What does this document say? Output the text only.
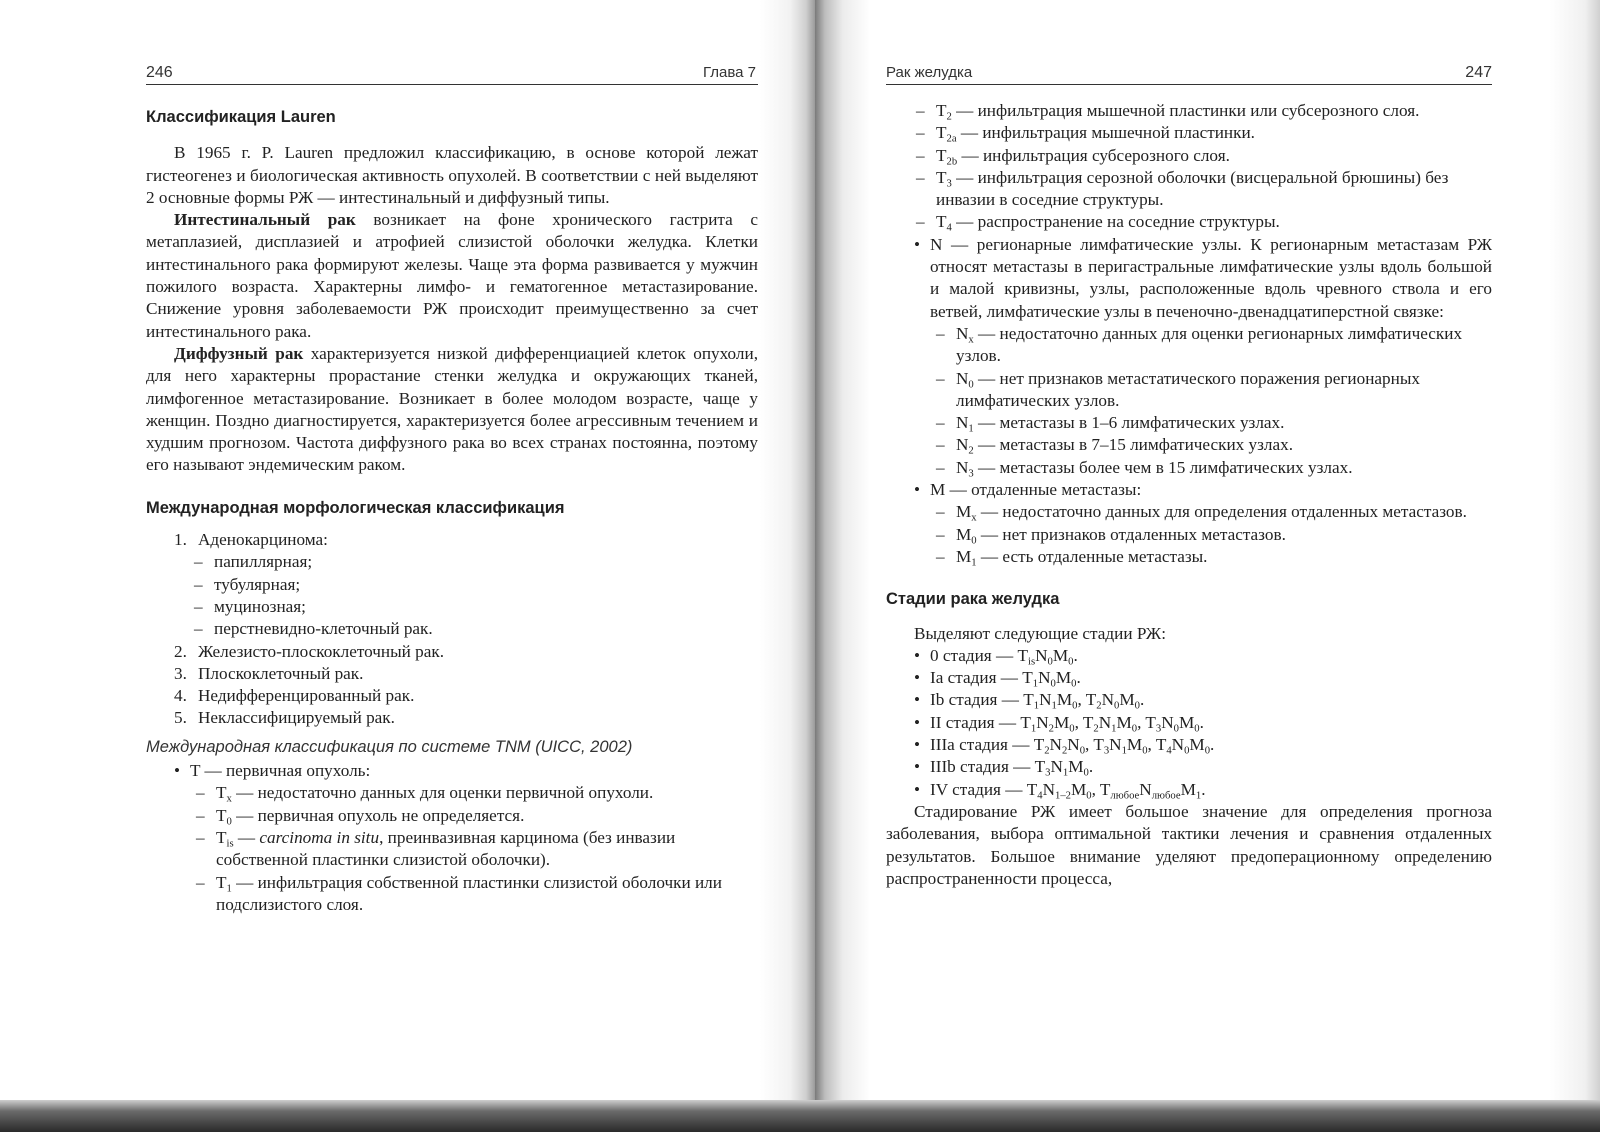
246	Глава 7
Классификация Lauren

В 1965 г. P. Lauren предложил классификацию, в основе которой лежат гистеогенез и биологическая активность опухолей. В соответствии с ней выделяют 2 основные формы РЖ — интестинальный и диффузный типы.

Интестинальный рак возникает на фоне хронического гастрита с метаплазией, дисплазией и атрофией слизистой оболочки желудка. Клетки интестинального рака формируют железы. Чаще эта форма развивается у мужчин пожилого возраста. Характерны лимфо- и гематогенное метастазирование. Снижение уровня заболеваемости РЖ происходит преимущественно за счет интестинального рака.

Диффузный рак характеризуется низкой дифференциацией клеток опухоли, для него характерны прорастание стенки желудка и окружающих тканей, лимфогенное метастазирование. Возникает в более молодом возрасте, чаще у женщин. Поздно диагностируется, характеризуется более агрессивным течением и худшим прогнозом. Частота диффузного рака во всех странах постоянна, поэтому его называют эндемическим раком.

Международная морфологическая классификация
1. Аденокарцинома:
– папиллярная;
– тубулярная;
– муцинозная;
– перстневидно-клеточный рак.
2. Железисто-плоскоклеточный рак.
3. Плоскоклеточный рак.
4. Недифференцированный рак.
5. Неклассифицируемый рак.
Международная классификация по системе TNM (UICC, 2002)
• T — первичная опухоль:
– $T_x$ — недостаточно данных для оценки первичной опухоли.
– $T_0$ — первичная опухоль не определяется.
– $T_{is}$ — carcinoma in situ, преинвазивная карцинома (без инвазии собственной пластинки слизистой оболочки).
– $T_1$ — инфильтрация собственной пластинки слизистой оболочки или подслизистого слоя.
Рак желудка	247
– $T_2$ — инфильтрация мышечной пластинки или субсерозного слоя.
– $T_{2a}$ — инфильтрация мышечной пластинки.
– $T_{2b}$ — инфильтрация субсерозного слоя.
– $T_3$ — инфильтрация серозной оболочки (висцеральной брюшины) без инвазии в соседние структуры.
– $T_4$ — распространение на соседние структуры.

• N — регионарные лимфатические узлы. К регионарным метастазам РЖ относят метастазы в перигастральные лимфатические узлы вдоль большой и малой кривизны, узлы, расположенные вдоль чревного ствола и его ветвей, лимфатические узлы в печеночно-двенадцатиперстной связке:

– $N_x$ — недостаточно данных для оценки регионарных лимфатических узлов.
– $N_0$ — нет признаков метастатического поражения регионарных лимфатических узлов.
– $N_1$ — метастазы в 1–6 лимфатических узлах.
– $N_2$ — метастазы в 7–15 лимфатических узлах.
– $N_3$ — метастазы более чем в 15 лимфатических узлах.
• M — отдаленные метастазы:
– $M_x$ — недостаточно данных для определения отдаленных метастазов.
– $M_0$ — нет признаков отдаленных метастазов.
– $M_1$ — есть отдаленные метастазы.
Стадии рака желудка

Выделяют следующие стадии РЖ:

• 0 стадия — $T_{is}N_0M_0$.
• Ia стадия — $T_1N_0M_0$.
• Ib стадия — $T_1N_1M_0$, $T_2N_0M_0$.
• II стадия — $T_1N_2M_0$, $T_2N_1M_0$, $T_3N_0M_0$.
• IIIa стадия — $T_2N_2N_0$, $T_3N_1M_0$, $T_4N_0M_0$.
• IIIb стадия — $T_3N_1M_0$.
• IV стадия — $T_4N_{1-2}M_0$, $T_{любое}N_{любое}M_1$.

Стадирование РЖ имеет большое значение для определения прогноза заболевания, выбора оптимальной тактики лечения и сравнения отдаленных результатов. Большое внимание уделяют предоперационному определению распространенности процесса,
